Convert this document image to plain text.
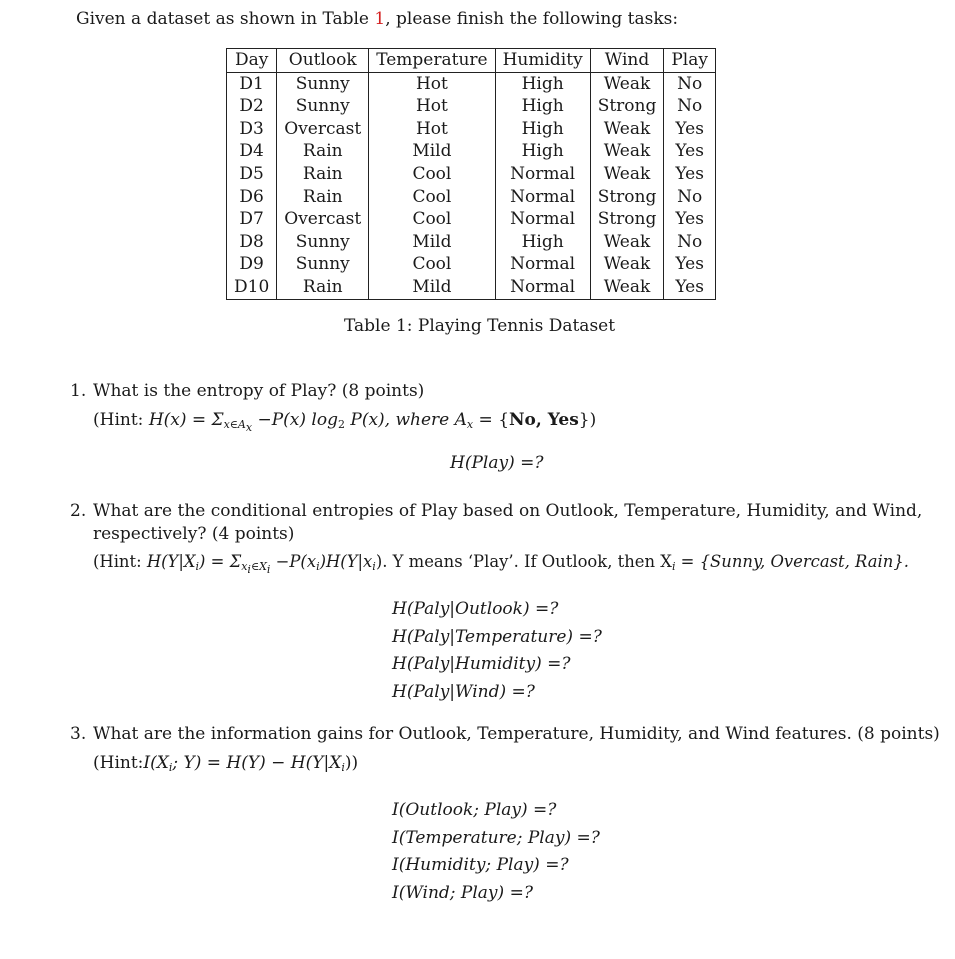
Given a dataset as shown in Table 1, please finish the following tasks:
Day	Outlook	Temperature	Humidity	Wind	Play
D1	Sunny	Hot	High	Weak	No
D2	Sunny	Hot	High	Strong	No
D3	Overcast	Hot	High	Weak	Yes
D4	Rain	Mild	High	Weak	Yes
D5	Rain	Cool	Normal	Weak	Yes
D6	Rain	Cool	Normal	Strong	No
D7	Overcast	Cool	Normal	Strong	Yes
D8	Sunny	Mild	High	Weak	No
D9	Sunny	Cool	Normal	Weak	Yes
D10	Rain	Mild	Normal	Weak	Yes
Table 1: Playing Tennis Dataset
1. What is the entropy of Play? (8 points)
(Hint: $H(x) = \Sigma_{x\in A_x} -P(x)$ $\log_2 P(x)$, where $A_x = \{No$, Yes})
H(Play) =?
2. What are the conditional entropies of Play based on Outlook, Temperature, Humidity, and Wind,
respectively? (4 points)
(Hint: $H(Y|X_i) = \Sigma_{x_i\in X_i} -P(x_i)H(Y|x_i)$. Y means ‘Play’. If Outlook, then $X_i$ = {Sunny, Overcast, Rain}.
H(Paly|Outlook) =?
H(Paly|Temperature) =?
H(Paly|Humidity) =?
H(Paly|Wind) =?
3. What are the information gains for Outlook, Temperature, Humidity, and Wind features. (8 points)
($Hint:I(X_i$; $Y) = H(Y) - H(Y|X_i)$)
I(Outlook; Play) =?
I(Temperature; Play) =?
I(Humidity; Play) =?
I(Wind; Play) =?
